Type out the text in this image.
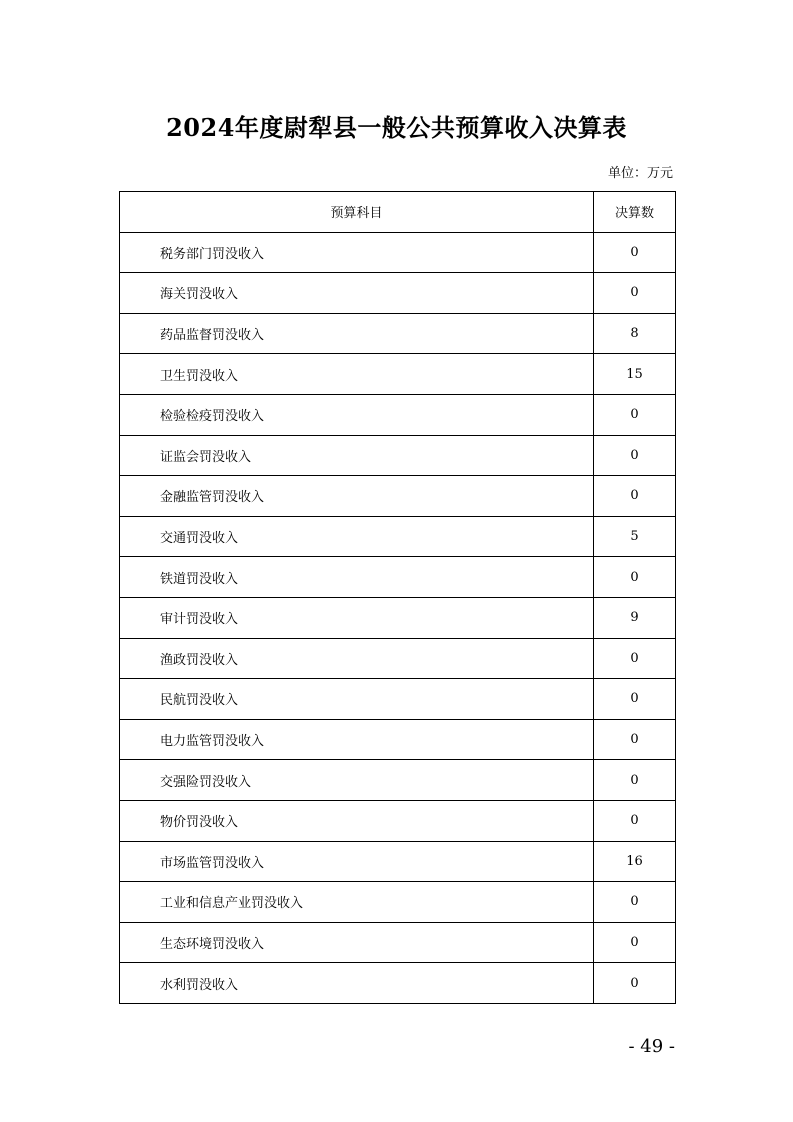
2024年度尉犁县一般公共预算收入决算表
单位：万元
预算科目	决算数
税务部门罚没收入	0
海关罚没收入	0
药品监督罚没收入	8
卫生罚没收入	15
检验检疫罚没收入	0
证监会罚没收入	0
金融监管罚没收入	0
交通罚没收入	5
铁道罚没收入	0
审计罚没收入	9
渔政罚没收入	0
民航罚没收入	0
电力监管罚没收入	0
交强险罚没收入	0
物价罚没收入	0
市场监管罚没收入	16
工业和信息产业罚没收入	0
生态环境罚没收入	0
水利罚没收入	0
- 49 -
